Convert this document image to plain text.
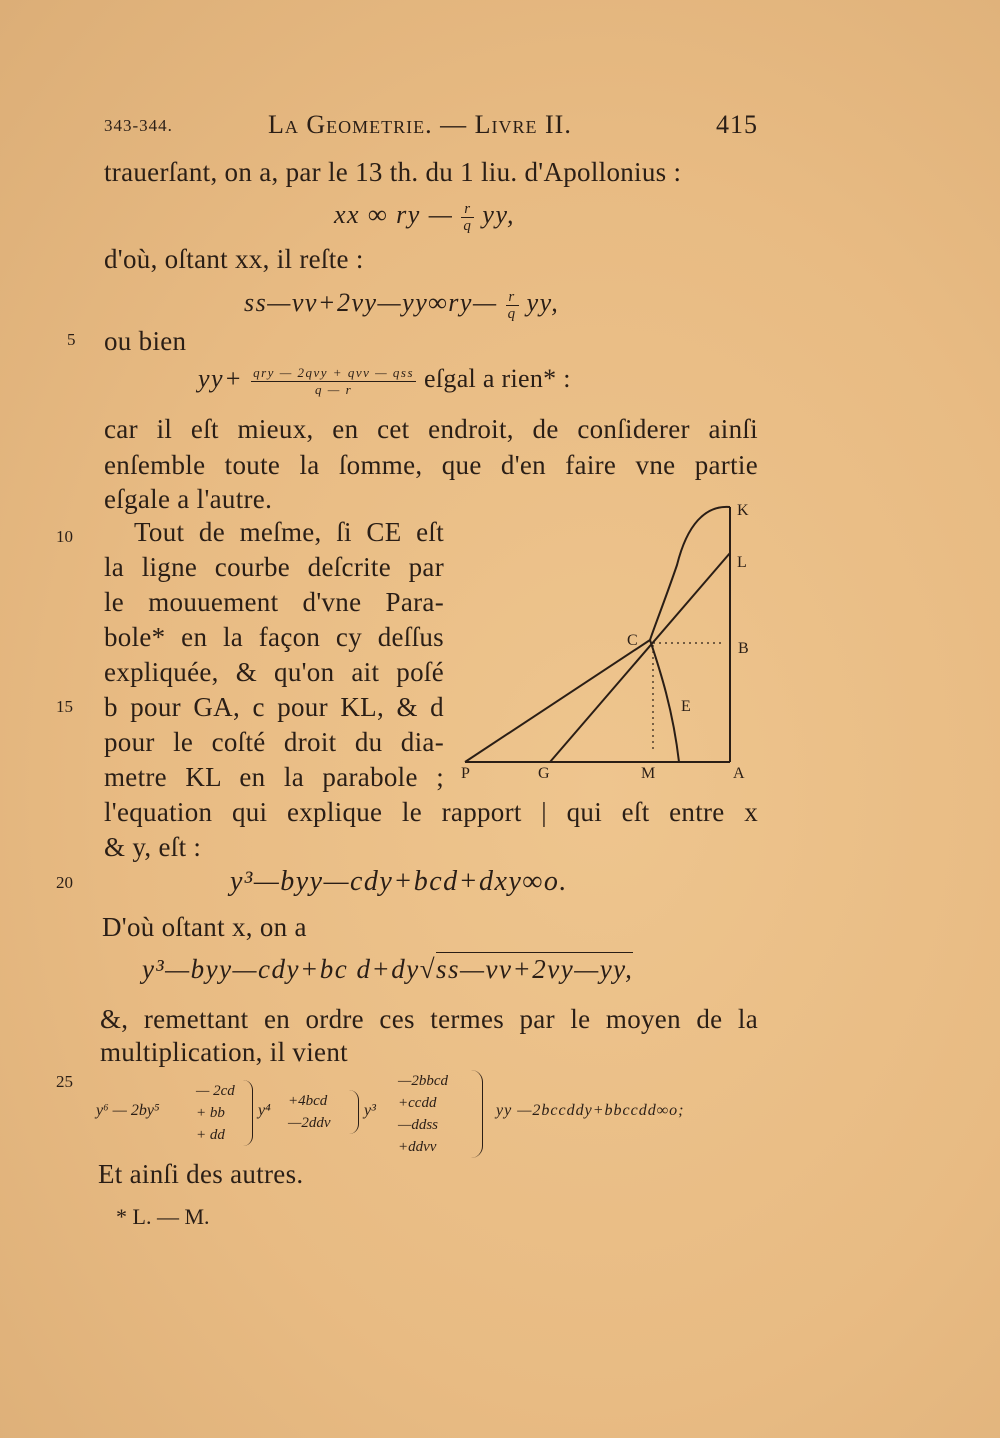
343-344.	La Geometrie. — Livre II.	415
5
10
15
20
25
trauerſant, on a, par le 13 th. du 1 liu. d'Apollonius :
xx ∞ ry — $\frac{r}{q}$ yy,
d'où, oſtant xx, il reſte :
ss—vv+2vy—yy∞ry— $\frac{r}{q}$ yy,
ou bien
$yy+ \frac{\text{qry — 2qvy + qvv — qss}}{q — r}$ eſgal a rien* :
car il eſt mieux, en cet endroit, de conſiderer ainſi
enſemble toute la ſomme, que d'en faire vne partie
eſgale a l'autre.
Tout de meſme, ſi CE eſt
la ligne courbe deſcrite par
le mouuement d'vne Para-
bole* en la façon cy deſſus
expliquée, & qu'on ait poſé
b pour GA, c pour KL, & d
pour le coſté droit du dia-
metre KL en la parabole ;
K
L
C	B
E
P	G	M	A
l'equation qui explique le rapport | qui eſt entre x
& y, eſt :
y³—byy—cdy+bcd+dxy∞o.
D'où oſtant x, on a
y³—byy—cdy+bc d+dy√ss—vv+2vy—yy,
&, remettant en ordre ces termes par le moyen de la
multiplication, il vient
y⁶ — 2by⁵
— 2cd
+ bb
+ dd
y⁴
+4bcd
—2ddv
y³
—2bbcd
+ccdd
—ddss
+ddvv
yy —2bccddy+bbccdd∞o;
Et ainſi des autres.
* L. — M.
